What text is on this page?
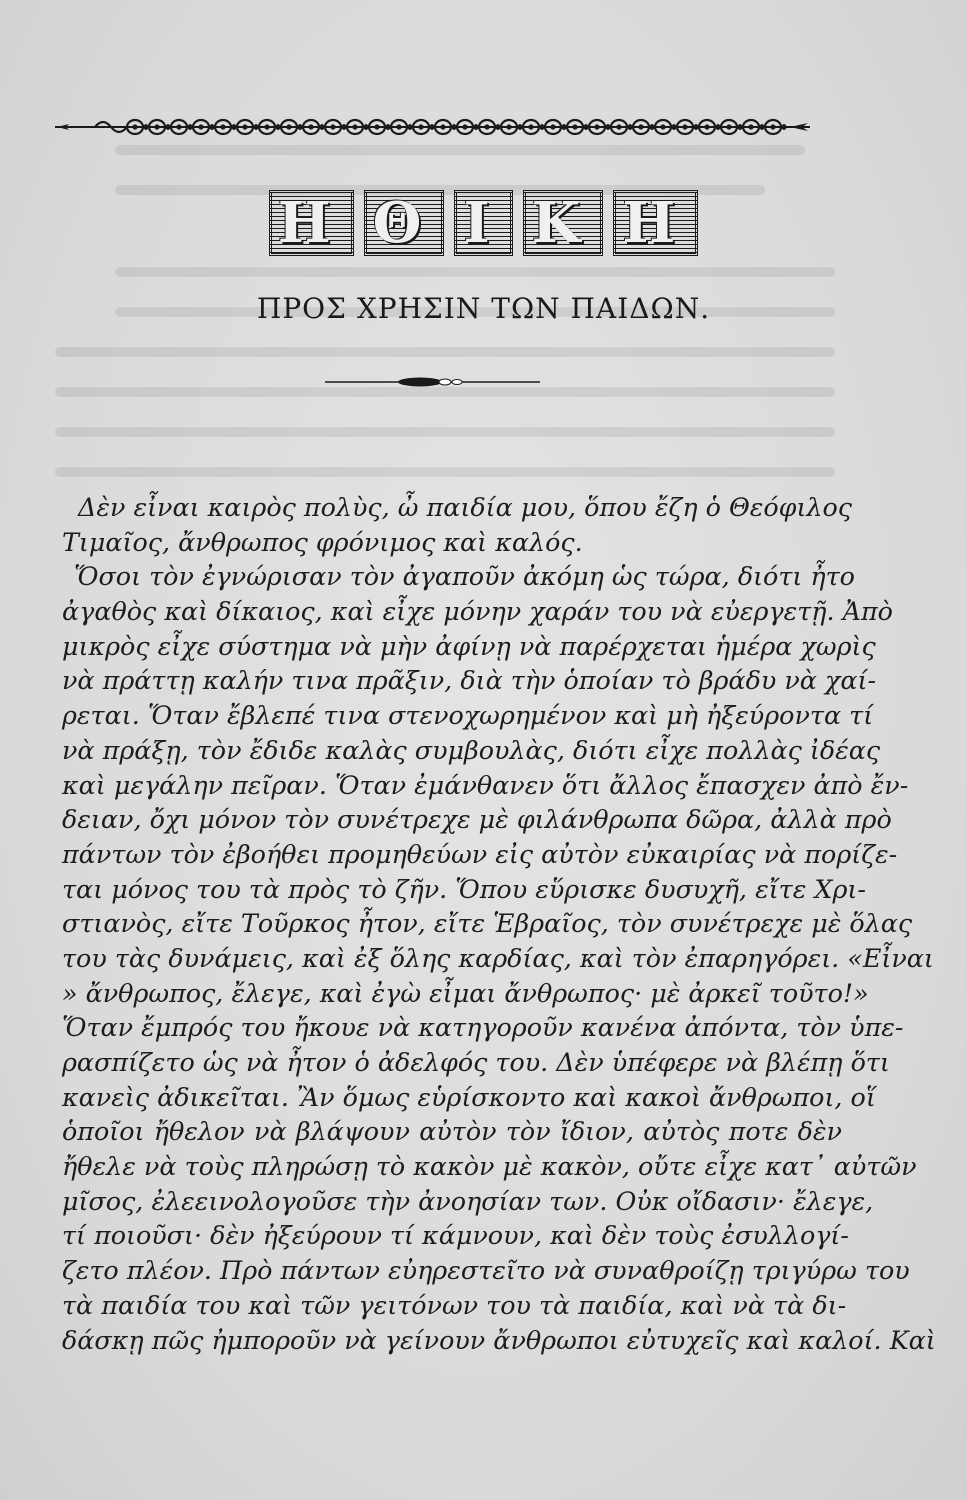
Η Θ Ι Κ Η
ΠΡΟΣ ΧΡΗΣΙΝ ΤΩΝ ΠΑΙΔΩΝ.
Δὲν εἶναι καιρὸς πολὺς, ὦ παιδία μου, ὅπου ἔζη ὁ Θεόφιλος
Τιμαῖος, ἄνθρωπος φρόνιμος καὶ καλός.
Ὅσοι τὸν ἐγνώρισαν τὸν ἀγαποῦν ἀκόμη ὡς τώρα, διότι ἦτο
ἀγαθὸς καὶ δίκαιος, καὶ εἶχε μόνην χαράν του νὰ εὐεργετῇ. Ἀπὸ
μικρὸς εἶχε σύστημα νὰ μὴν ἀφίνῃ νὰ παρέρχεται ἡμέρα χωρὶς
νὰ πράττῃ καλήν τινα πρᾶξιν, διὰ τὴν ὁποίαν τὸ βράδυ νὰ χαί-
ρεται. Ὅταν ἔβλεπέ τινα στενοχωρημένον καὶ μὴ ἠξεύροντα τί
νὰ πράξῃ, τὸν ἔδιδε καλὰς συμβουλὰς, διότι εἶχε πολλὰς ἰδέας
καὶ μεγάλην πεῖραν. Ὅταν ἐμάνθανεν ὅτι ἄλλος ἔπασχεν ἀπὸ ἔν-
δειαν, ὄχι μόνον τὸν συνέτρεχε μὲ φιλάνθρωπα δῶρα, ἀλλὰ πρὸ
πάντων τὸν ἐβοήθει προμηθεύων εἰς αὐτὸν εὐκαιρίας νὰ πορίζε-
ται μόνος του τὰ πρὸς τὸ ζῆν. Ὅπου εὕρισκε δυσυχῆ, εἴτε Χρι-
στιανὸς, εἴτε Τοῦρκος ἦτον, εἴτε Ἑβραῖος, τὸν συνέτρεχε μὲ ὅλας
του τὰς δυνάμεις, καὶ ἐξ ὅλης καρδίας, καὶ τὸν ἐπαρηγόρει. «Εἶναι
» ἄνθρωπος, ἔλεγε, καὶ ἐγὼ εἶμαι ἄνθρωπος· μὲ ἀρκεῖ τοῦτο!»
Ὅταν ἔμπρός του ἤκουε νὰ κατηγοροῦν κανένα ἀπόντα, τὸν ὑπε-
ρασπίζετο ὡς νὰ ἦτον ὁ ἀδελφός του. Δὲν ὑπέφερε νὰ βλέπῃ ὅτι
κανεὶς ἀδικεῖται. Ἂν ὅμως εὑρίσκοντο καὶ κακοὶ ἄνθρωποι, οἵ
ὁποῖοι ἤθελον νὰ βλάψουν αὐτὸν τὸν ἴδιον, αὐτὸς ποτε δὲν
ἤθελε νὰ τοὺς πληρώσῃ τὸ κακὸν μὲ κακὸν, οὔτε εἶχε κατ᾽ αὐτῶν
μῖσος, ἐλεεινολογοῦσε τὴν ἀνοησίαν των. Οὐκ οἴδασιν· ἔλεγε,
τί ποιοῦσι· δὲν ἠξεύρουν τί κάμνουν, καὶ δὲν τοὺς ἐσυλλογί-
ζετο πλέον. Πρὸ πάντων εὐηρεστεῖτο νὰ συναθροίζῃ τριγύρω του
τὰ παιδία του καὶ τῶν γειτόνων του τὰ παιδία, καὶ νὰ τὰ δι-
δάσκῃ πῶς ἠμποροῦν νὰ γείνουν ἄνθρωποι εὐτυχεῖς καὶ καλοί. Καὶ
